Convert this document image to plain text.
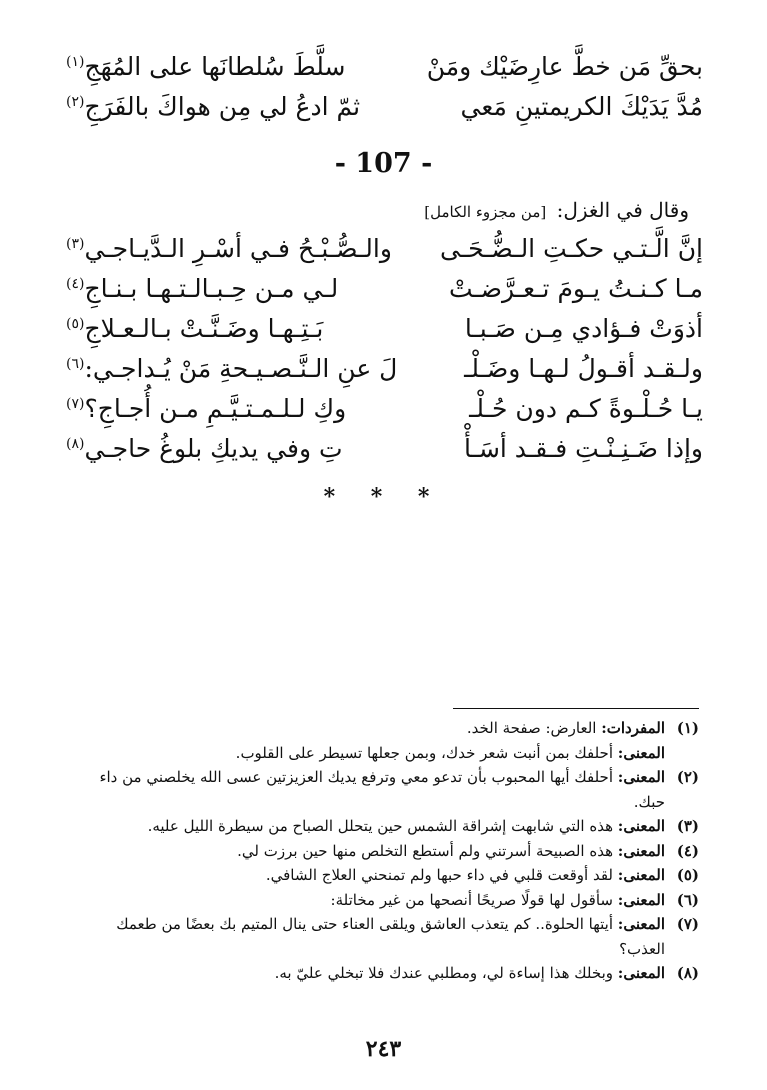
بحقِّ مَن خطَّ عارِضَيْك ومَنْ
سلَّطَ سُلطانَها على المُهَجِ$^{(١)}$
مُدَّ يَدَيْكَ الكريمتينِ مَعي
ثمّ ادعُ لي مِن هواكَ بالفَرَجِ$^{(٢)}$
- 107 -
وقال في الغزل: [من مجزوء الكامل]
إنَّ الَّـتـي حكـتِ الـضُّـحَـى
والـصُّـبْـحُ فـي أسْـرِ الـدَّيـاجـي$^{(٣)}$
مـا كـنـتُ يـومَ تـعـرَّضـتْ
لـي مـن حِـبـالـتـهـا بـنـاجِ$^{(٤)}$
أذوَتْ فـؤادي مِـن صَـبـا
بَـتِـهـا وضَـنَّـتْ بـالـعـلاجِ$^{(٥)}$
ولـقـد أقـولُ لـهـا وضَـلْـ
لَ عنِ الـنَّـصـيـحةِ مَنْ يُـداجـي:$^{(٦)}$
يـا حُـلْـوةً كـم دون حُـلْـ
وكِ لـلـمـتـيَّـمِ مـن أُجـاجِ؟$^{(٧)}$
وإذا ضَـنِـنْـتِ فـقـد أسَـأْ
تِ وفي يديكِ بلوغُ حاجـي$^{(٨)}$
* * *
(١)
المفردات: العارض: صفحة الخد.
المعنى: أحلفك بمن أنبت شعر خدك، وبمن جعلها تسيطر على القلوب.
(٢)
المعنى: أحلفك أيها المحبوب بأن تدعو معي وترفع يديك العزيزتين عسى الله يخلصني من داء حبك.
(٣)
المعنى: هذه التي شابهت إشراقة الشمس حين يتحلل الصباح من سيطرة الليل عليه.
(٤)
المعنى: هذه الصبيحة أسرتني ولم أستطع التخلص منها حين برزت لي.
(٥)
المعنى: لقد أوقعت قلبي في داء حبها ولم تمنحني العلاج الشافي.
(٦)
المعنى: سأقول لها قولًا صريحًا أنصحها من غير مخاتلة:
(٧)
المعنى: أيتها الحلوة.. كم يتعذب العاشق ويلقى العناء حتى ينال المتيم بك بعضًا من طعمك العذب؟
(٨)
المعنى: وبخلك هذا إساءة لي، ومطلبي عندك فلا تبخلي عليّ به.
٢٤٣
